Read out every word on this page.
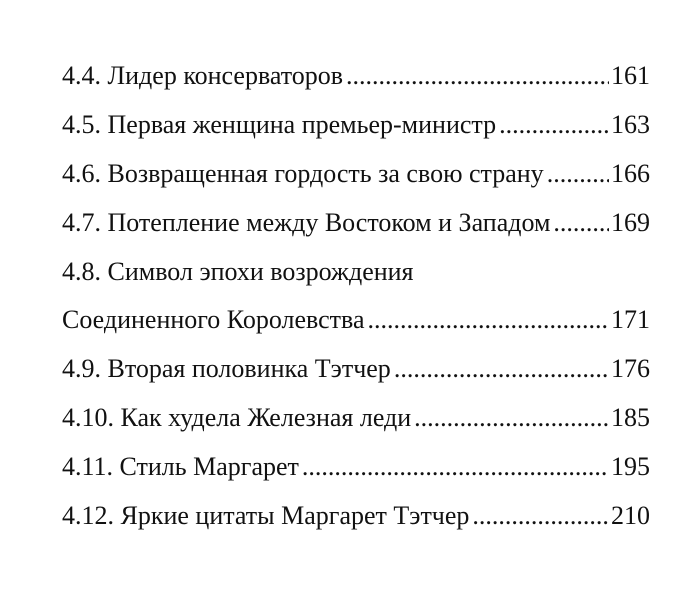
4.4. Лидер консерваторов .....	161
4.5. Первая женщина премьер-министр .....	163
4.6. Возвращенная гордость за свою страну .....	166
4.7. Потепление между Востоком и Западом ..... 169
4.8. Символ эпохи возрождения
Соединенного Королевства .....	171
4.9. Вторая половинка Тэтчер .....	176
4.10. Как худела Железная леди .....	185
4.11. Стиль Маргарет .....	195
4.12. Яркие цитаты Маргарет Тэтчер .....	210
